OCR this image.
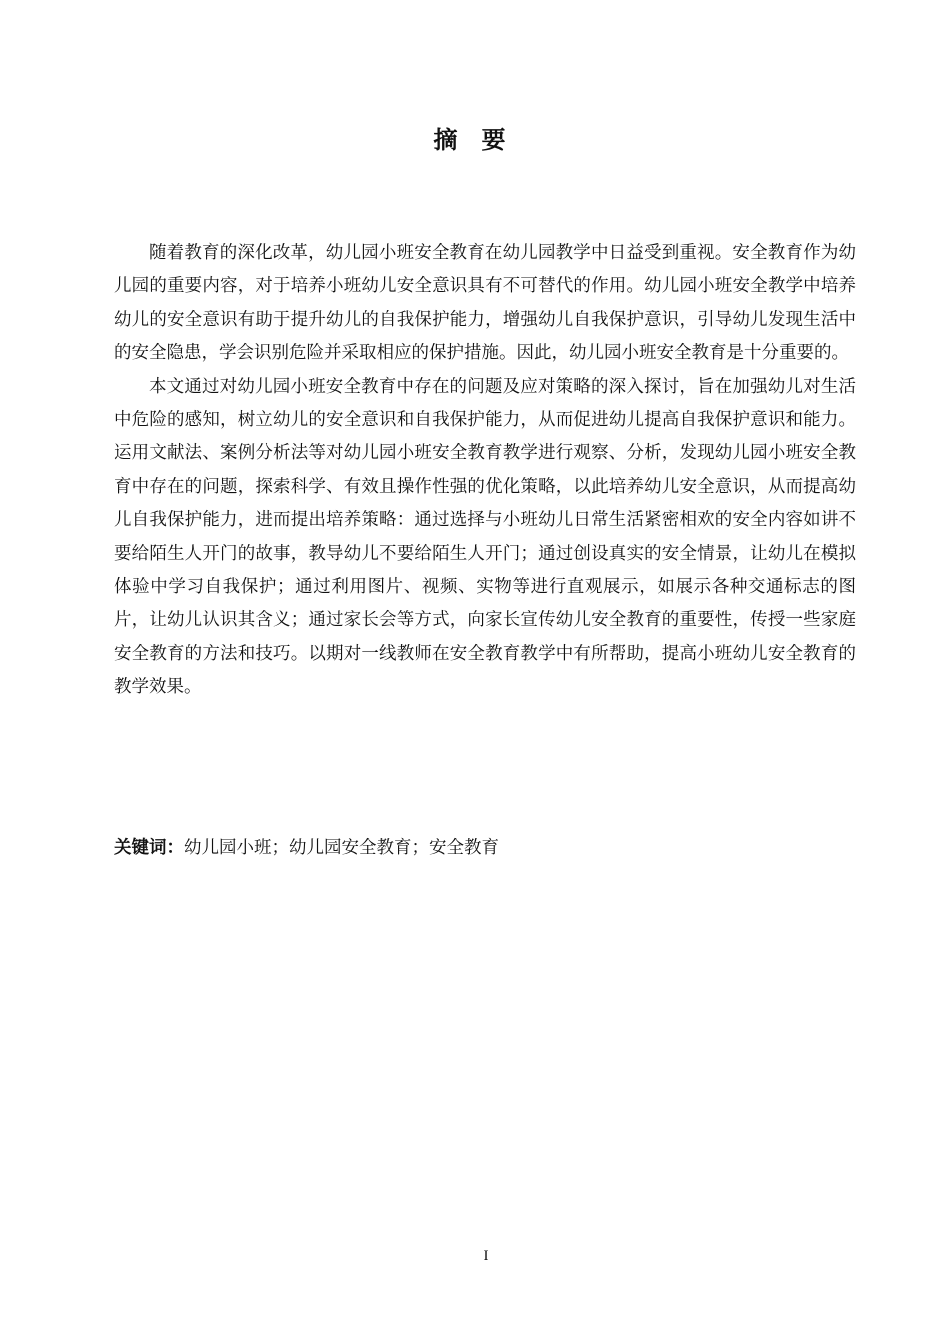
摘要

随着教育的深化改革，幼儿园小班安全教育在幼儿园教学中日益受到重视。安全教育作为幼儿园的重要内容，对于培养小班幼儿安全意识具有不可替代的作用。幼儿园小班安全教学中培养幼儿的安全意识有助于提升幼儿的自我保护能力，增强幼儿自我保护意识，引导幼儿发现生活中的安全隐患，学会识别危险并采取相应的保护措施。因此，幼儿园小班安全教育是十分重要的。

本文通过对幼儿园小班安全教育中存在的问题及应对策略的深入探讨，旨在加强幼儿对生活中危险的感知，树立幼儿的安全意识和自我保护能力，从而促进幼儿提高自我保护意识和能力。运用文献法、案例分析法等对幼儿园小班安全教育教学进行观察、分析，发现幼儿园小班安全教育中存在的问题，探索科学、有效且操作性强的优化策略，以此培养幼儿安全意识，从而提高幼儿自我保护能力，进而提出培养策略：通过选择与小班幼儿日常生活紧密相欢的安全内容如讲不要给陌生人开门的故事，教导幼儿不要给陌生人开门；通过创设真实的安全情景，让幼儿在模拟体验中学习自我保护；通过利用图片、视频、实物等进行直观展示，如展示各种交通标志的图片，让幼儿认识其含义；通过家长会等方式，向家长宣传幼儿安全教育的重要性，传授一些家庭安全教育的方法和技巧。以期对一线教师在安全教育教学中有所帮助，提高小班幼儿安全教育的教学效果。

关键词：幼儿园小班；幼儿园安全教育；安全教育
I
